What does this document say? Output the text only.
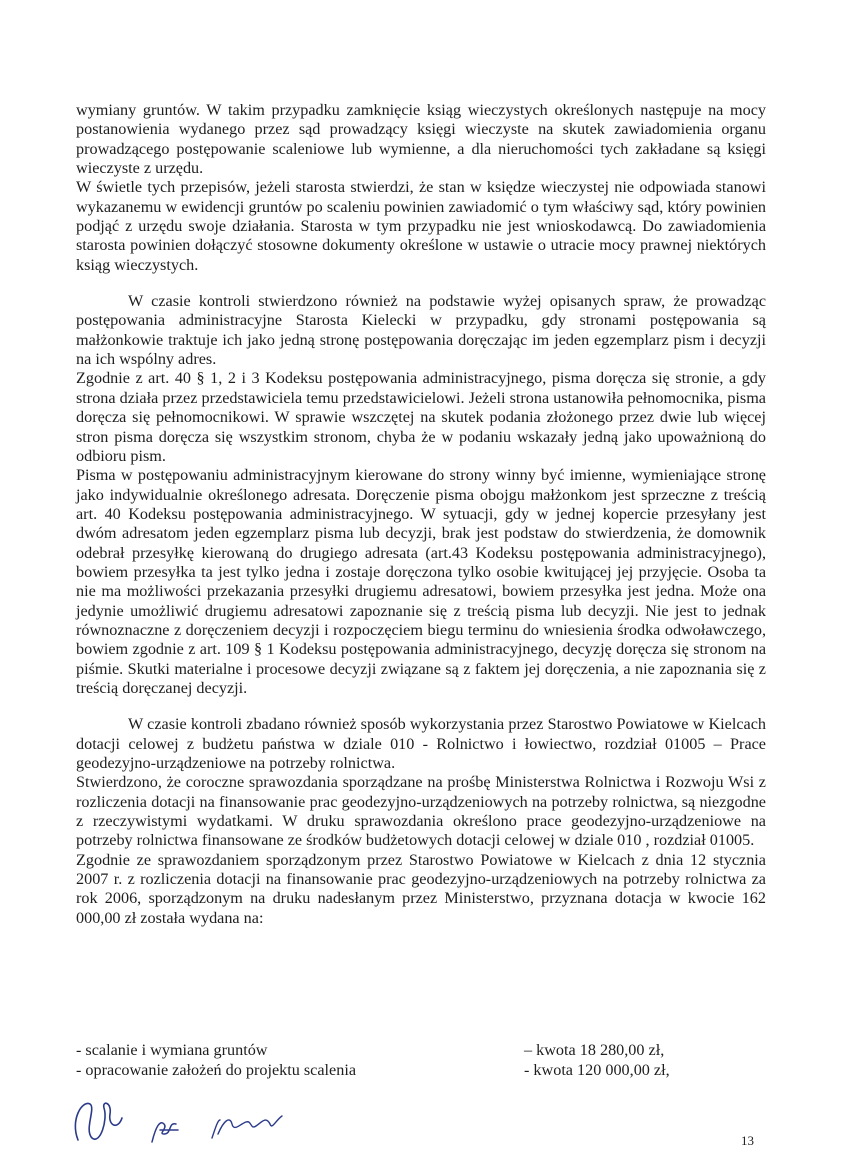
wymiany gruntów. W takim przypadku zamknięcie ksiąg wieczystych określonych następuje na mocy postanowienia wydanego przez sąd prowadzący księgi wieczyste na skutek zawiadomienia organu prowadzącego postępowanie scaleniowe lub wymienne, a dla nieruchomości tych zakładane są księgi wieczyste z urzędu.

W świetle tych przepisów, jeżeli starosta stwierdzi, że stan w księdze wieczystej nie odpowiada stanowi wykazanemu w ewidencji gruntów po scaleniu powinien zawiadomić o tym właściwy sąd, który powinien podjąć z urzędu swoje działania. Starosta w tym przypadku nie jest wnioskodawcą. Do zawiadomienia starosta powinien dołączyć stosowne dokumenty określone w ustawie o utracie mocy prawnej niektórych ksiąg wieczystych.

W czasie kontroli stwierdzono również na podstawie wyżej opisanych spraw, że prowadząc postępowania administracyjne Starosta Kielecki w przypadku, gdy stronami postępowania są małżonkowie traktuje ich jako jedną stronę postępowania doręczając im jeden egzemplarz pism i decyzji na ich wspólny adres.

Zgodnie z art. 40 § 1, 2 i 3 Kodeksu postępowania administracyjnego, pisma doręcza się stronie, a gdy strona działa przez przedstawiciela temu przedstawicielowi. Jeżeli strona ustanowiła pełnomocnika, pisma doręcza się pełnomocnikowi. W sprawie wszczętej na skutek podania złożonego przez dwie lub więcej stron pisma doręcza się wszystkim stronom, chyba że w podaniu wskazały jedną jako upoważnioną do odbioru pism.

Pisma w postępowaniu administracyjnym kierowane do strony winny być imienne, wymieniające stronę jako indywidualnie określonego adresata. Doręczenie pisma obojgu małżonkom jest sprzeczne z treścią art. 40 Kodeksu postępowania administracyjnego. W sytuacji, gdy w jednej kopercie przesyłany jest dwóm adresatom jeden egzemplarz pisma lub decyzji, brak jest podstaw do stwierdzenia, że domownik odebrał przesyłkę kierowaną do drugiego adresata (art.43 Kodeksu postępowania administracyjnego), bowiem przesyłka ta jest tylko jedna i zostaje doręczona tylko osobie kwitującej jej przyjęcie. Osoba ta nie ma możliwości przekazania przesyłki drugiemu adresatowi, bowiem przesyłka jest jedna. Może ona jedynie umożliwić drugiemu adresatowi zapoznanie się z treścią pisma lub decyzji. Nie jest to jednak równoznaczne z doręczeniem decyzji i rozpoczęciem biegu terminu do wniesienia środka odwoławczego, bowiem zgodnie z art. 109 § 1 Kodeksu postępowania administracyjnego, decyzję doręcza się stronom na piśmie. Skutki materialne i procesowe decyzji związane są z faktem jej doręczenia, a nie zapoznania się z treścią doręczanej decyzji.

W czasie kontroli zbadano również sposób wykorzystania przez Starostwo Powiatowe w Kielcach dotacji celowej z budżetu państwa w dziale 010 - Rolnictwo i łowiectwo, rozdział 01005 – Prace geodezyjno-urządzeniowe na potrzeby rolnictwa.

Stwierdzono, że coroczne sprawozdania sporządzane na prośbę Ministerstwa Rolnictwa i Rozwoju Wsi z rozliczenia dotacji na finansowanie prac geodezyjno-urządzeniowych na potrzeby rolnictwa, są niezgodne z rzeczywistymi wydatkami. W druku sprawozdania określono prace geodezyjno-urządzeniowe na potrzeby rolnictwa finansowane ze środków budżetowych dotacji celowej w dziale 010 , rozdział 01005.

Zgodnie ze sprawozdaniem sporządzonym przez Starostwo Powiatowe w Kielcach z dnia 12 stycznia 2007 r. z rozliczenia dotacji na finansowanie prac geodezyjno-urządzeniowych na potrzeby rolnictwa za rok 2006, sporządzonym na druku nadesłanym przez Ministerstwo, przyznana dotacja w kwocie 162 000,00 zł została wydana na:

- scalanie i wymiana gruntów	– kwota 18 280,00 zł,
- opracowanie założeń do projektu scalenia	- kwota 120 000,00 zł,
13
